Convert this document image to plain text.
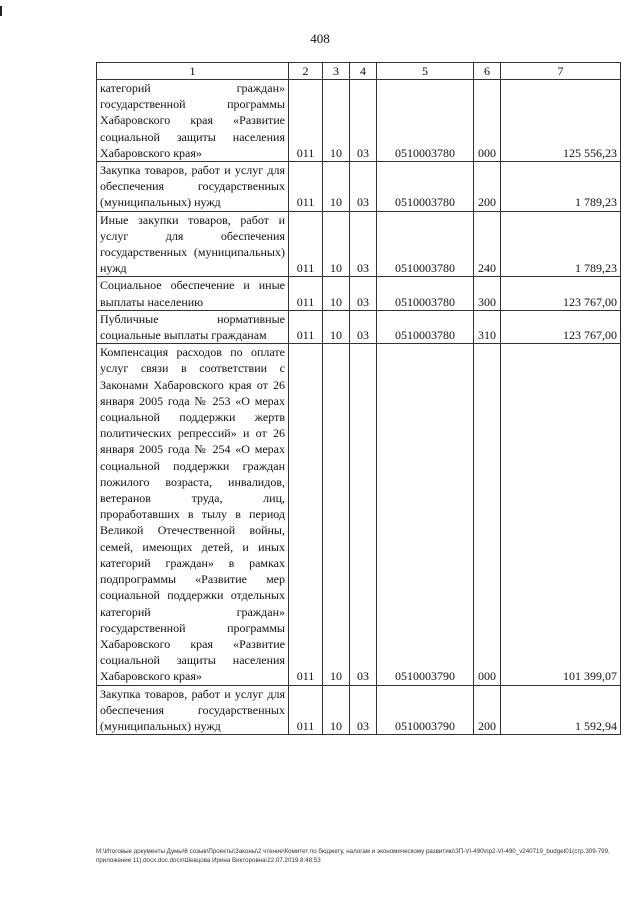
408
1	2	3	4	5	6	7
категорий граждан» государственной программы Хабаровского края «Развитие социальной защиты населения Хабаровского края»	011	10	03	0510003780	000	125 556,23
Закупка товаров, работ и услуг для обеспечения государственных (муниципальных) нужд	011	10	03	0510003780	200	1 789,23
Иные закупки товаров, работ и услуг для обеспечения государственных (муниципальных) нужд	011	10	03	0510003780	240	1 789,23
Социальное обеспечение и иные выплаты населению	011	10	03	0510003780	300	123 767,00
Публичные нормативные социальные выплаты гражданам	011	10	03	0510003780	310	123 767,00
Компенсация расходов по оплате услуг связи в соответствии с Законами Хабаровского края от 26 января 2005 года № 253 «О мерах социальной поддержки жертв политических репрессий» и от 26 января 2005 года № 254 «О мерах социальной поддержки граждан пожилого возраста, инвалидов, ветеранов труда, лиц, проработавших в тылу в период Великой Отечественной войны, семей, имеющих детей, и иных категорий граждан» в рамках подпрограммы «Развитие мер социальной поддержки отдельных категорий граждан» государственной программы Хабаровского края «Развитие социальной защиты населения Хабаровского края»	011	10	03	0510003790	000	101 399,07
Закупка товаров, работ и услуг для обеспечения государственных (муниципальных) нужд	011	10	03	0510003790	200	1 592,94
M:\Итоговые документы Думы\6 созыв\Проекты\Законы\2 чтение\Комитет по бюджету, налогам и экономическому развитию\ЗП-VI-490\пр2-VI-490_v240719_budget01(стр.309-799, приложение 11).docx.doc.docx\Шевцова Ирина Викторовна\22.07.2019 8:48:53
